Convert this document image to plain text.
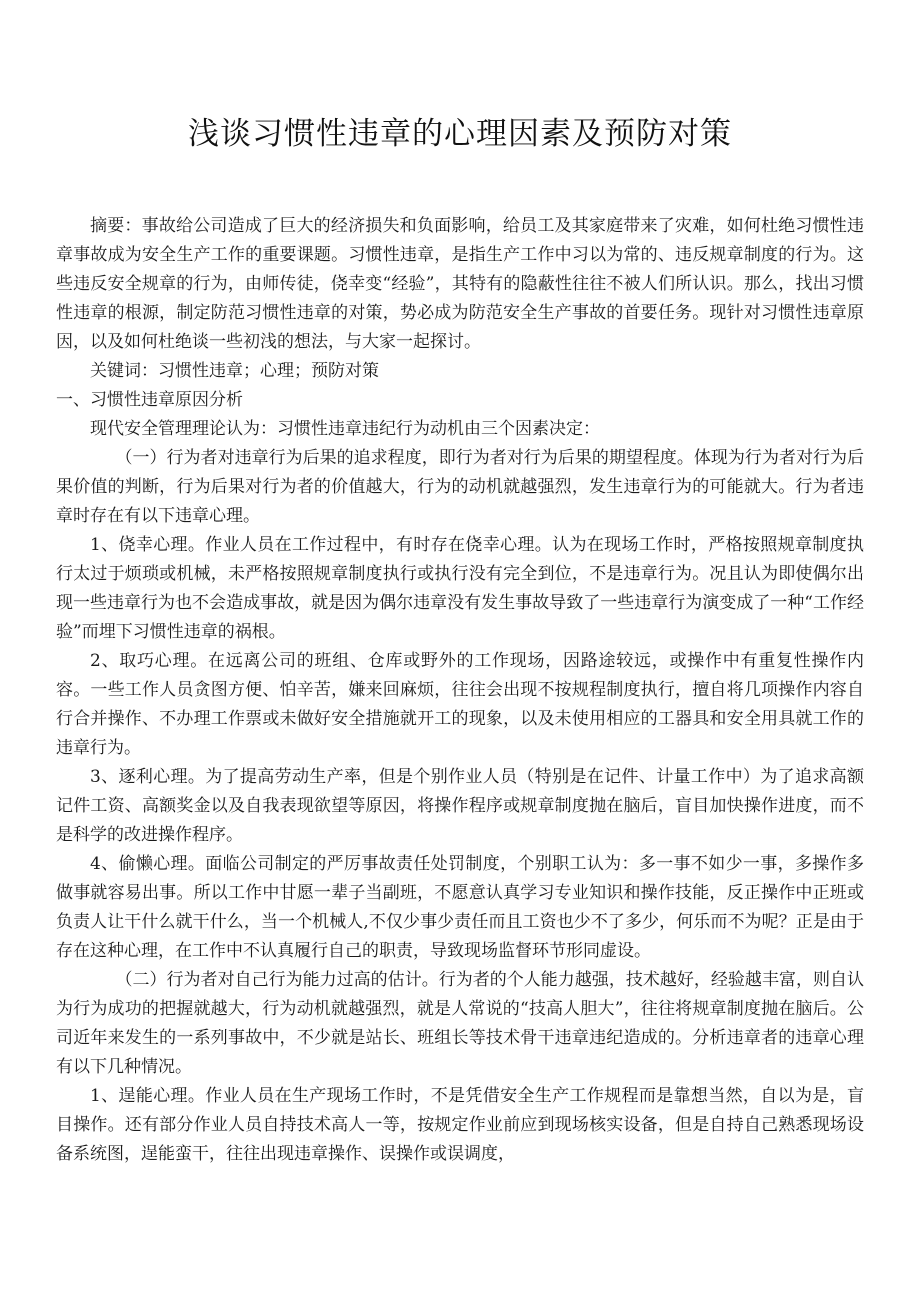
浅谈习惯性违章的心理因素及预防对策

摘要：事故给公司造成了巨大的经济损失和负面影响，给员工及其家庭带来了灾难，如何杜绝习惯性违章事故成为安全生产工作的重要课题。习惯性违章，是指生产工作中习以为常的、违反规章制度的行为。这些违反安全规章的行为，由师传徒，侥幸变“经验”，其特有的隐蔽性往往不被人们所认识。那么，找出习惯性违章的根源，制定防范习惯性违章的对策，势必成为防范安全生产事故的首要任务。现针对习惯性违章原因，以及如何杜绝谈一些初浅的想法，与大家一起探讨。

关键词：习惯性违章；心理；预防对策

一、习惯性违章原因分析

现代安全管理理论认为：习惯性违章违纪行为动机由三个因素决定：

（一）行为者对违章行为后果的追求程度，即行为者对行为后果的期望程度。体现为行为者对行为后果价值的判断，行为后果对行为者的价值越大，行为的动机就越强烈，发生违章行为的可能就大。行为者违章时存在有以下违章心理。

1、侥幸心理。作业人员在工作过程中，有时存在侥幸心理。认为在现场工作时，严格按照规章制度执行太过于烦琐或机械，未严格按照规章制度执行或执行没有完全到位，不是违章行为。况且认为即使偶尔出现一些违章行为也不会造成事故，就是因为偶尔违章没有发生事故导致了一些违章行为演变成了一种“工作经验”而埋下习惯性违章的祸根。

2、取巧心理。在远离公司的班组、仓库或野外的工作现场，因路途较远，或操作中有重复性操作内容。一些工作人员贪图方便、怕辛苦，嫌来回麻烦，往往会出现不按规程制度执行，擅自将几项操作内容自行合并操作、不办理工作票或未做好安全措施就开工的现象，以及未使用相应的工器具和安全用具就工作的违章行为。

3、逐利心理。为了提高劳动生产率，但是个别作业人员（特别是在记件、计量工作中）为了追求高额记件工资、高额奖金以及自我表现欲望等原因，将操作程序或规章制度抛在脑后，盲目加快操作进度，而不是科学的改进操作程序。

4、偷懒心理。面临公司制定的严厉事故责任处罚制度，个别职工认为：多一事不如少一事，多操作多做事就容易出事。所以工作中甘愿一辈子当副班，不愿意认真学习专业知识和操作技能，反正操作中正班或负责人让干什么就干什么，当一个机械人,不仅少事少责任而且工资也少不了多少，何乐而不为呢？正是由于存在这种心理，在工作中不认真履行自己的职责，导致现场监督环节形同虚设。

（二）行为者对自己行为能力过高的估计。行为者的个人能力越强，技术越好，经验越丰富，则自认为行为成功的把握就越大，行为动机就越强烈，就是人常说的“技高人胆大”，往往将规章制度抛在脑后。公司近年来发生的一系列事故中，不少就是站长、班组长等技术骨干违章违纪造成的。分析违章者的违章心理有以下几种情况。

1、逞能心理。作业人员在生产现场工作时，不是凭借安全生产工作规程而是靠想当然，自以为是，盲目操作。还有部分作业人员自持技术高人一等，按规定作业前应到现场核实设备，但是自持自己熟悉现场设备系统图，逞能蛮干，往往出现违章操作、误操作或误调度，
